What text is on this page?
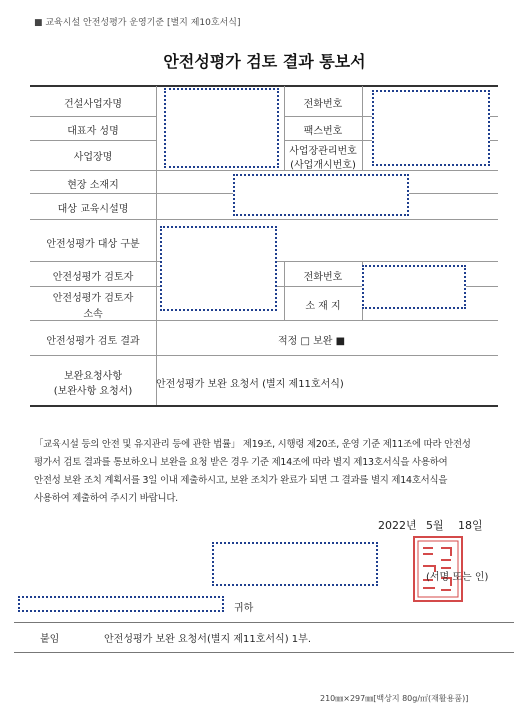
■ 교육시설 안전성평가 운영기준 [별지 제10호서식]
안전성평가 검토 결과 통보서
건설사업자명
대표자 성명
사업장명
현장 소재지
대상 교육시설명
안전성평가 대상 구분
안전성평가 검토자
안전성평가 검토자
소속
안전성평가 검토 결과
보완요청사항
(보완사항 요청서)
전화번호
팩스번호
사업장관리번호
(사업개시번호)
전화번호
소 재 지
적정 □ 보완 ■
안전성평가 보완 요청서 (별지 제11호서식)
「교육시설 등의 안전 및 유지관리 등에 관한 법률」 제19조, 시행령 제20조, 운영 기준 제11조에 따라 안전성
평가서 검토 결과를 통보하오니 보완을 요청 받은 경우 기준 제14조에 따라 별지 제13호서식을 사용하여
안전성 보완 조치 계획서를 3일 이내 제출하시고, 보완 조치가 완료가 되면 그 결과를 별지 제14호서식을
사용하여 제출하여 주시기 바랍니다.
2022년 5월 18일
(서명 또는 인)
귀하
붙임	안전성평가 보완 요청서(별지 제11호서식) 1부.
210㎜×297㎜[백상지 80g/㎡(재활용품)]
